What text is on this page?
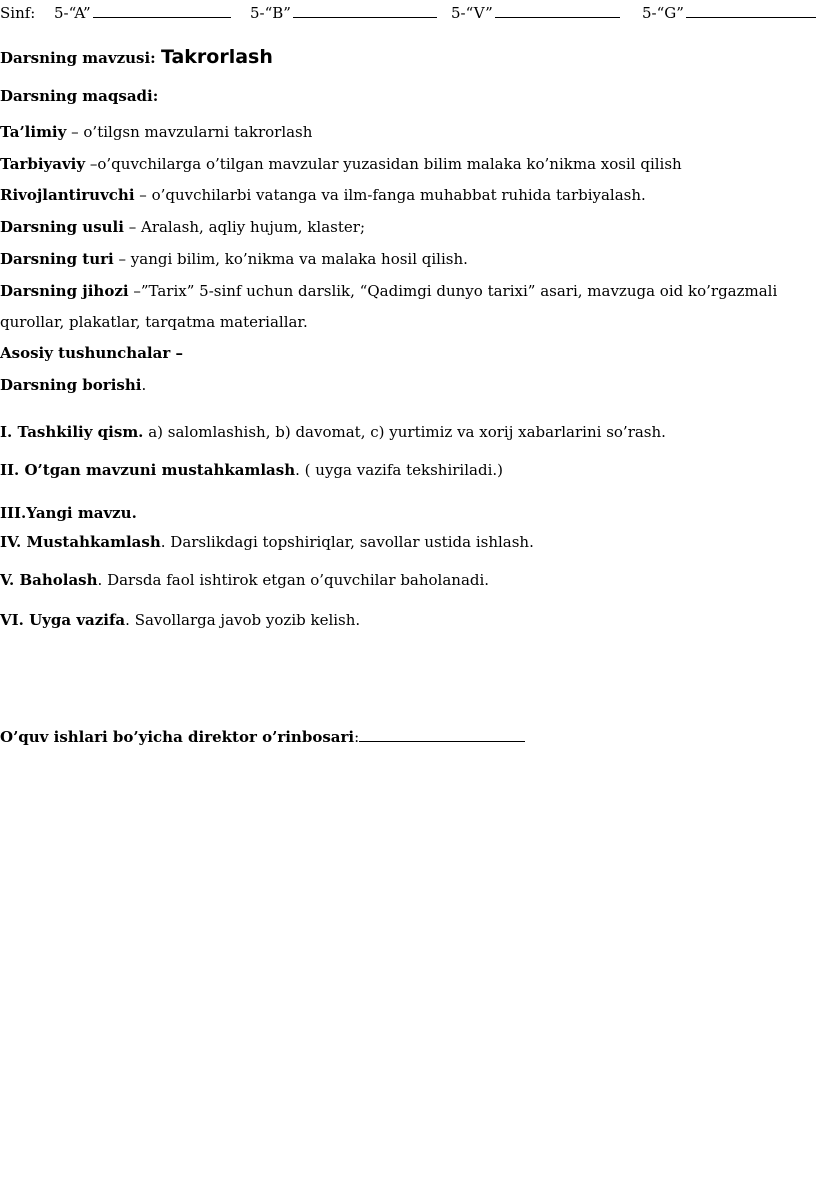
Sinf: 5-“A”	5-“B”	5-“V”	5-“G”
Darsning mavzusi: Takrorlash
Darsning maqsadi:
Ta’limiy – o’tilgsn mavzularni takrorlash
Tarbiyaviy –o’quvchilarga o’tilgan mavzular yuzasidan bilim malaka ko’nikma xosil qilish
Rivojlantiruvchi – o’quvchilarbi vatanga va ilm-fanga muhabbat ruhida tarbiyalash.
Darsning usuli – Aralash, aqliy hujum, klaster;
Darsning turi – yangi bilim, ko’nikma va malaka hosil qilish.
Darsning jihozi –”Tarix” 5-sinf uchun darslik, “Qadimgi dunyo tarixi” asari, mavzuga oid ko’rgazmali
qurollar, plakatlar, tarqatma materiallar.
Asosiy tushunchalar –
Darsning borishi.
I. Tashkiliy qism. a) salomlashish, b) davomat, c) yurtimiz va xorij xabarlarini so’rash.
II. O’tgan mavzuni mustahkamlash. ( uyga vazifa tekshiriladi.)
III.Yangi mavzu.
IV. Mustahkamlash. Darslikdagi topshiriqlar, savollar ustida ishlash.
V. Baholash. Darsda faol ishtirok etgan o’quvchilar baholanadi.
VI. Uyga vazifa. Savollarga javob yozib kelish.
O’quv ishlari bo’yicha direktor o’rinbosari:
